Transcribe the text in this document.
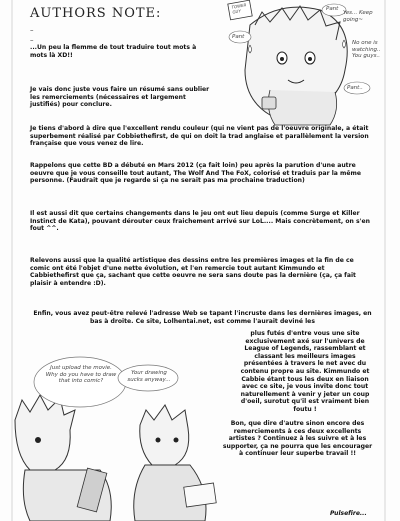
AUTHORS NOTE:
–
–

...Un peu la flemme de tout traduire tout mots à mots là XD!!

Je vais donc juste vous faire un résumé sans oublier les remerciements (nécessaires et largement justifiés) pour conclure.

Je tiens d'abord à dire que l'excellent rendu couleur (qui ne vient pas de l'oeuvre originale, a était superbement réalisé par Cobbiethefirst, de qui on doit la trad anglaise et parallèlement la version française que vous venez de lire.

Rappelons que cette BD a débuté en Mars 2012 (ça fait loin) peu après la parution d'une autre oeuvre que je vous conseille tout autant, The Wolf And The FoX, colorisé et traduis par la même personne. (Faudrait que je regarde si ça ne serait pas ma prochaine traduction)

Il est aussi dit que certains changements dans le jeu ont eut lieu depuis (comme Surge et Killer Instinct de Kata), pouvant dérouter ceux fraichement arrivé sur LoL.... Mais concrètement, on s'en fout ^^.

Relevons aussi que la qualité artistique des dessins entre les premières images et la fin de ce comic ont été l'objet d'une nette évolution, et l'en remercie tout autant Kimmundo et Cabbiethefirst que ça, sachant que cette oeuvre ne sera sans doute pas la dernière (ça, ça fait plaisir à entendre :D).

Enfin, vous avez peut-être relevé l'adresse Web se tapant l'incruste dans les dernières images, en bas à droite. Ce site, Lolhentai.net, est comme l'aurait deviné les

plus futés d'entre vous une site exclusivement axé sur l'univers de League of Legends, rassemblant et classant les meilleurs images présentées à travers le net avec du contenu propre au site. Kimmundo et Cabbie étant tous les deux en liaison avec ce site, je vous invite donc tout naturellement à venir y jeter un coup d'oeil, surotut qu'il est vraiment bien foutu !

Bon, que dire d'autre sinon encore des remerciements à ces deux excellents artistes ? Continuez à les suivre et à les supporter, ça ne pourra que les encourager à continuer leur superbe travail !!

Pulsefire...
TOWER GUY	Pant
Yes... Keep going~
Pant
No one is watching.. You guys..
Pant..
Just upload the movie. Why do you have to draw that into comic?
Your drawing sucks anyway...
